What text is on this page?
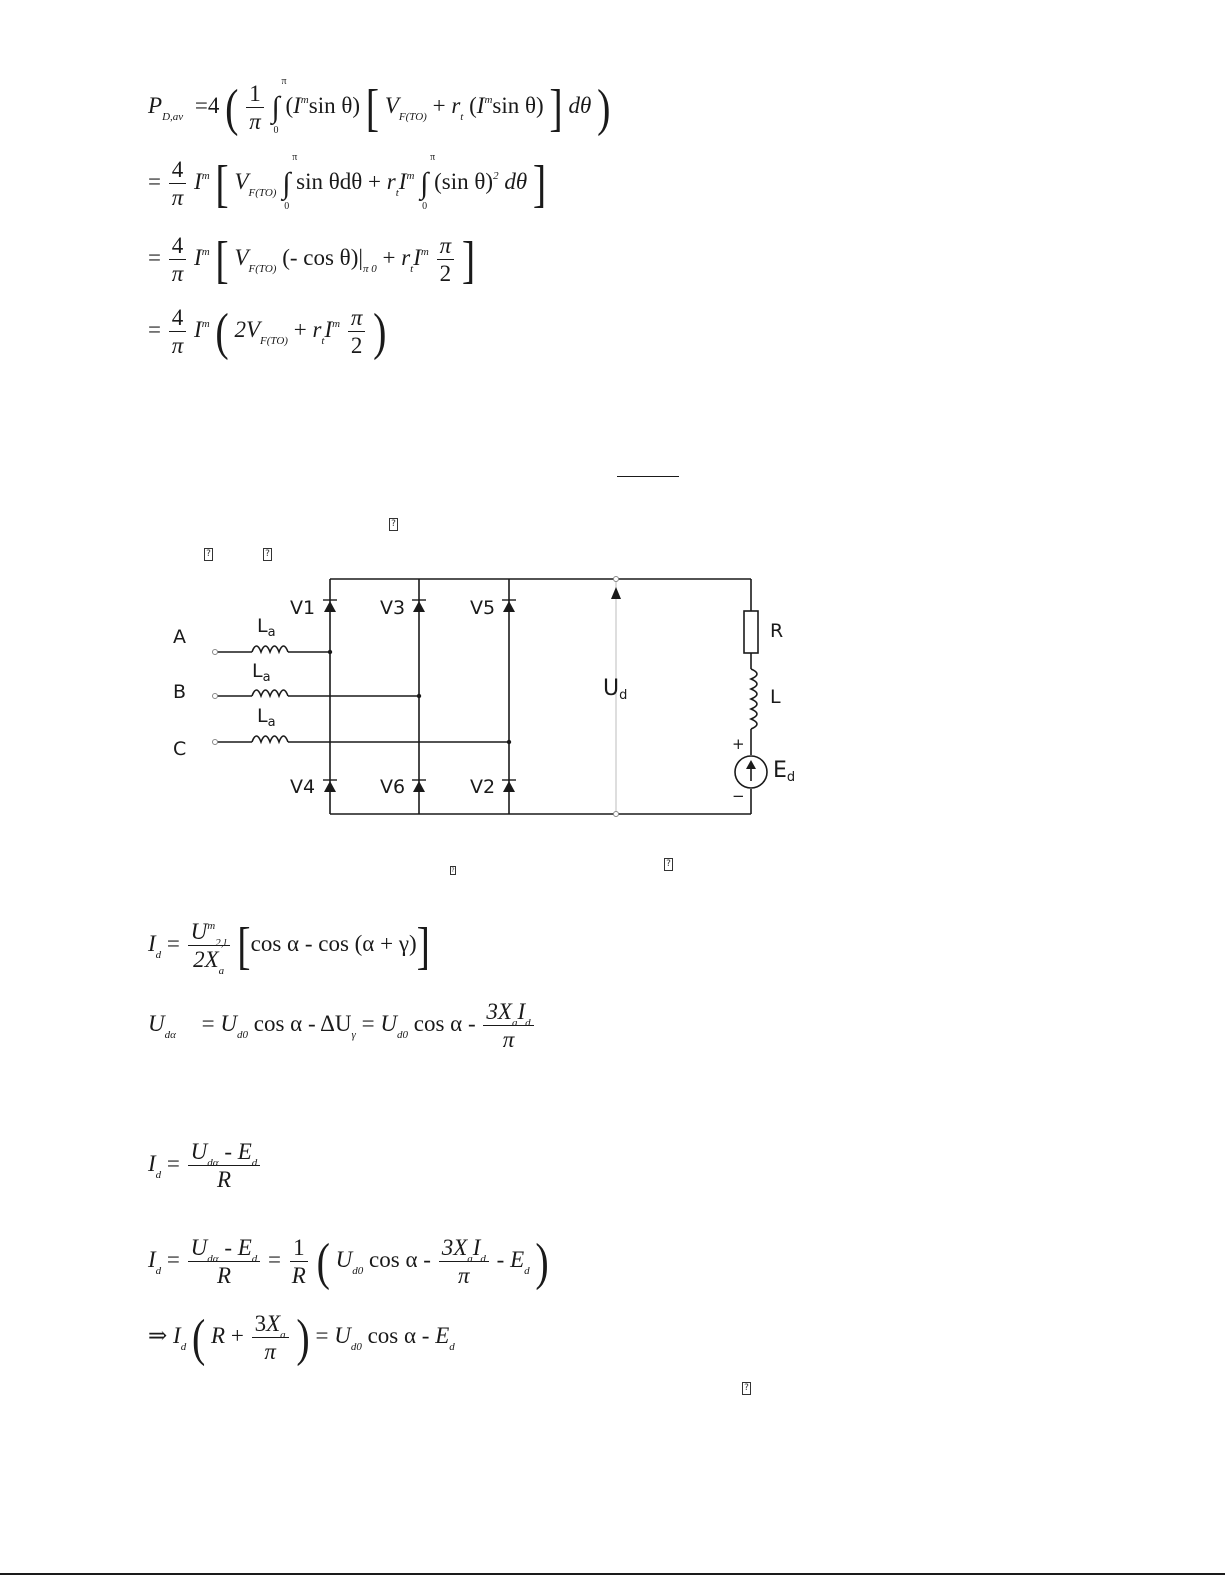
$P_{D,av} =4$ ( $\frac{1}{\pi}$ ∫
π
0
($I^m\sin$ θ) [ $V_{F(TO)} + r_t$ ($I^m\sin$ θ) ] dθ )
= $\frac{4}{\pi} I^m$ [ $V_{F(TO)}$ ∫
π
0
$\sin \theta d\theta + r_tI^m$ ∫
π
0
(sin θ)$^2$ dθ ]
= $\frac{4}{\pi} I^m$ [ $V_{F(TO)}$ (- $\cos \theta)|_{\pi 0} + r_tI^m \frac{\pi}{2}$ ]
= $\frac{4}{\pi} I^m$ ( $2V_{F(TO)} + r_tI^m \frac{\pi}{2}$ )
?
?	?
A
B
C
$L_a$
$L_a$
$L_a$
V1	V3	V5
V4	V6	V2
Ud
R
L
Ed
+
−
?
?
$I_d = \frac{U^m_{2,l}}{2X_a} [\cos$ α - cos (α + γ)]
$U_{d\alpha} = U_{d0}$ $\cos \alpha - \Delta U_\gamma = U_{d0}$ cos α - $\frac{3X_aI_d}{\pi}$
$I_d = \frac{U_{d\alpha} - E_d}{R}$
$I_d = \frac{U_{d\alpha} - E_d}{R} = \frac{1}{R}$ ( $U_{d0}$ cos α - $\frac{3X_aI_d}{\pi} - E_d$ )
⇒ $I_d$ ( $R + \frac{3X_a}{\pi}$ ) = $U_{d0}$ cos α - $E_d$
?
